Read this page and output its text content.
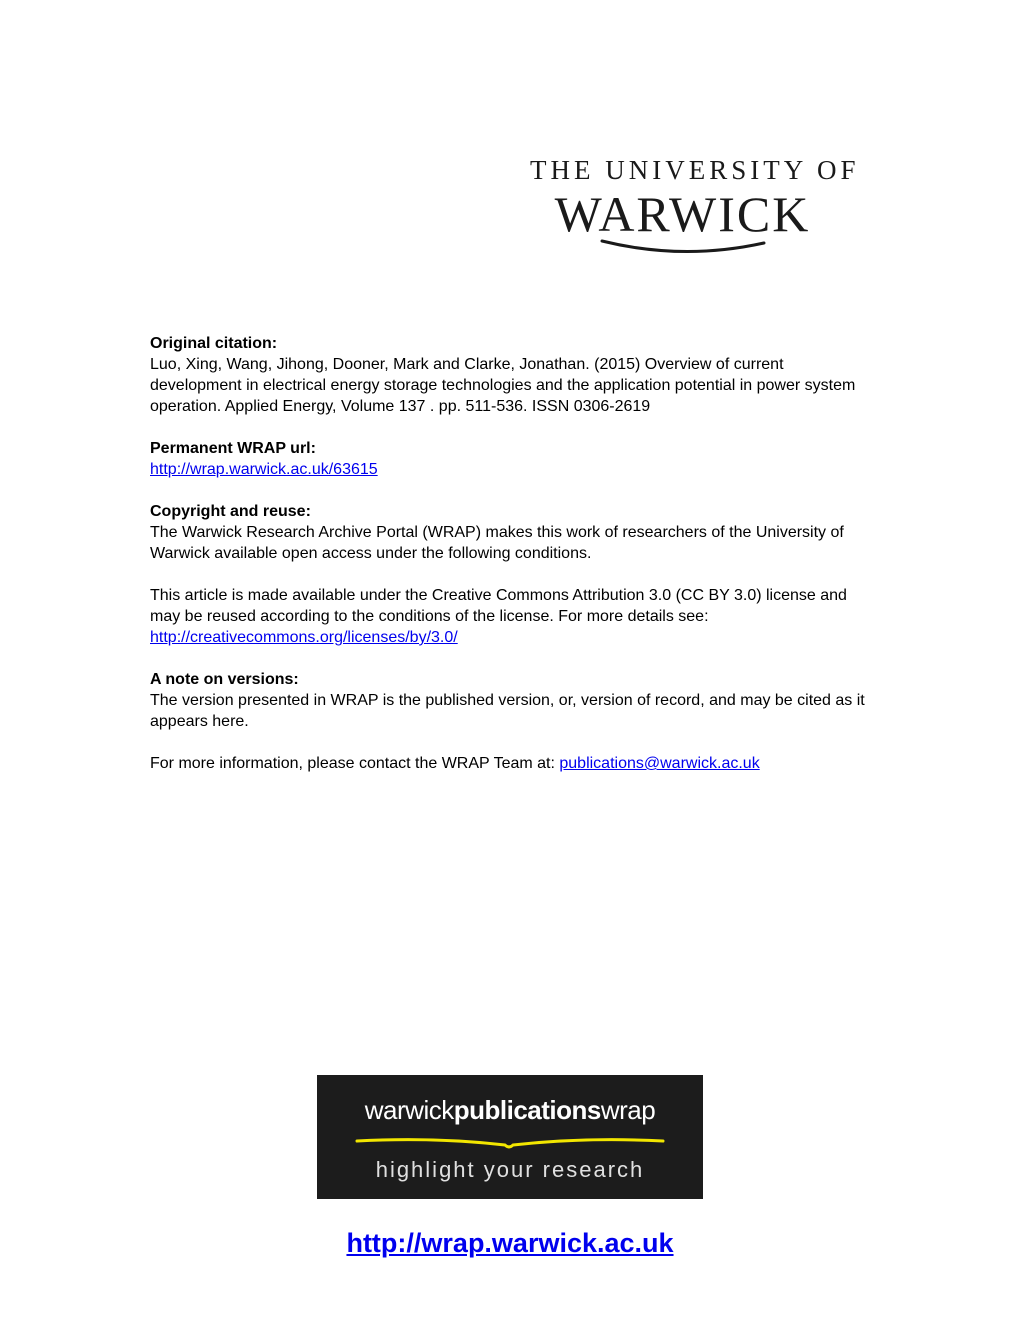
THE UNIVERSITY OF
WARWICK
Original citation:
Luo, Xing, Wang, Jihong, Dooner, Mark and Clarke, Jonathan. (2015) Overview of current development in electrical energy storage technologies and the application potential in power system operation. Applied Energy, Volume 137 . pp. 511-536. ISSN 0306-2619
Permanent WRAP url:
http://wrap.warwick.ac.uk/63615
Copyright and reuse:
The Warwick Research Archive Portal (WRAP) makes this work of researchers of the University of Warwick available open access under the following conditions.
This article is made available under the Creative Commons Attribution 3.0 (CC BY 3.0) license and may be reused according to the conditions of the license. For more details see: http://creativecommons.org/licenses/by/3.0/
A note on versions:
The version presented in WRAP is the published version, or, version of record, and may be cited as it appears here.
For more information, please contact the WRAP Team at: publications@warwick.ac.uk
warwickpublicationswrap
highlight your research
http://wrap.warwick.ac.uk
